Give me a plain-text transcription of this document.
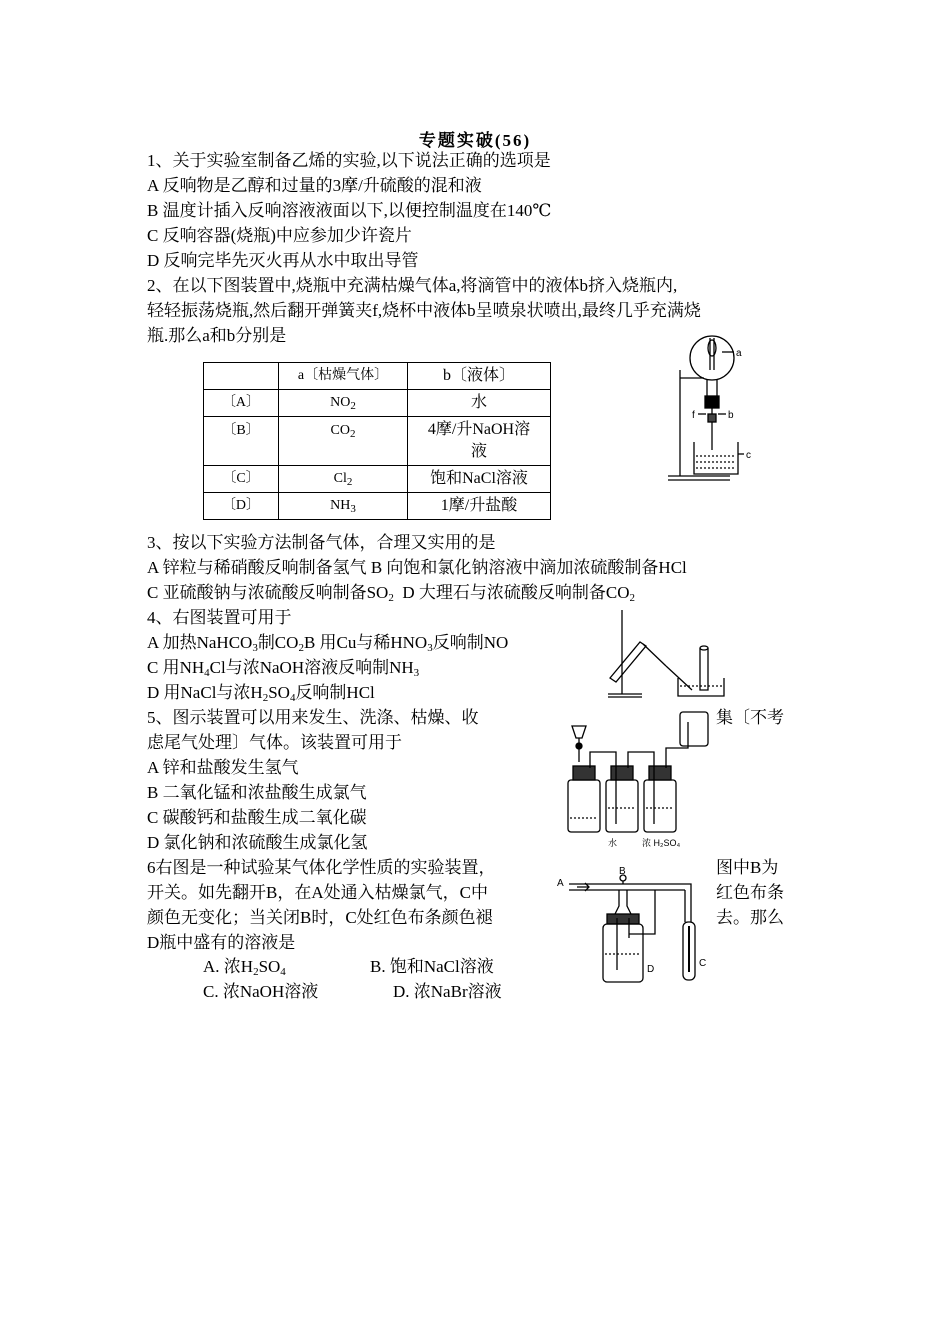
专题实破(56)
1、关于实验室制备乙烯的实验,以下说法正确的选项是
A 反响物是乙醇和过量的3摩/升硫酸的混和液
B 温度计插入反响溶液液面以下,以便控制温度在140℃
C 反响容器(烧瓶)中应参加少许瓷片
D 反响完毕先灭火再从水中取出导管
2、在以下图装置中,烧瓶中充满枯燥气体a,将滴管中的液体b挤入烧瓶内,
轻轻振荡烧瓶,然后翻开弹簧夹f,烧杯中液体b呈喷泉状喷出,最终几乎充满烧
瓶.那么a和b分别是
	a〔枯燥气体〕	b〔液体〕
〔A〕	$NO_2$	水
〔B〕	$CO_2$	4摩/升NaOH溶
液

〔C〕	$Cl_2$	饱和NaCl溶液
〔D〕	$NH_3$	1摩/升盐酸
a
b
f
c
3、按以下实验方法制备气体，合理又实用的是
A 锌粒与稀硝酸反响制备氢气 B 向饱和氯化钠溶液中滴加浓硫酸制备HCl
C 亚硫酸钠与浓硫酸反响制备$SO_2$  D 大理石与浓硫酸反响制备$CO_2$
4、右图装置可用于
A 加热NaHCO$_3$制$CO_2B$ 用Cu与稀$HNO_3$反响制NO
C 用$NH_4Cl$与浓NaOH溶液反响制$NH_3$
D 用NaCl与浓$H_2SO_4$反响制HCl
5、图示装置可以用来发生、洗涤、枯燥、收	集〔不考
虑尾气处理〕气体。该装置可用于
A 锌和盐酸发生氢气
B 二氧化锰和浓盐酸生成氯气
C 碳酸钙和盐酸生成二氧化碳
D 氯化钠和浓硫酸生成氯化氢	水	浓 H₂SO₄
6右图是一种试验某气体化学性质的实验装置，	图中B为
开关。如先翻开B，在A处通入枯燥氯气，C中	红色布条
颜色无变化；当关闭B时，C处红色布条颜色褪	去。那么
D瓶中盛有的溶液是
A. 浓$H_2SO_4$	B. 饱和NaCl溶液
C. 浓NaOH溶液	D. 浓NaBr溶液
A
B
C
D
